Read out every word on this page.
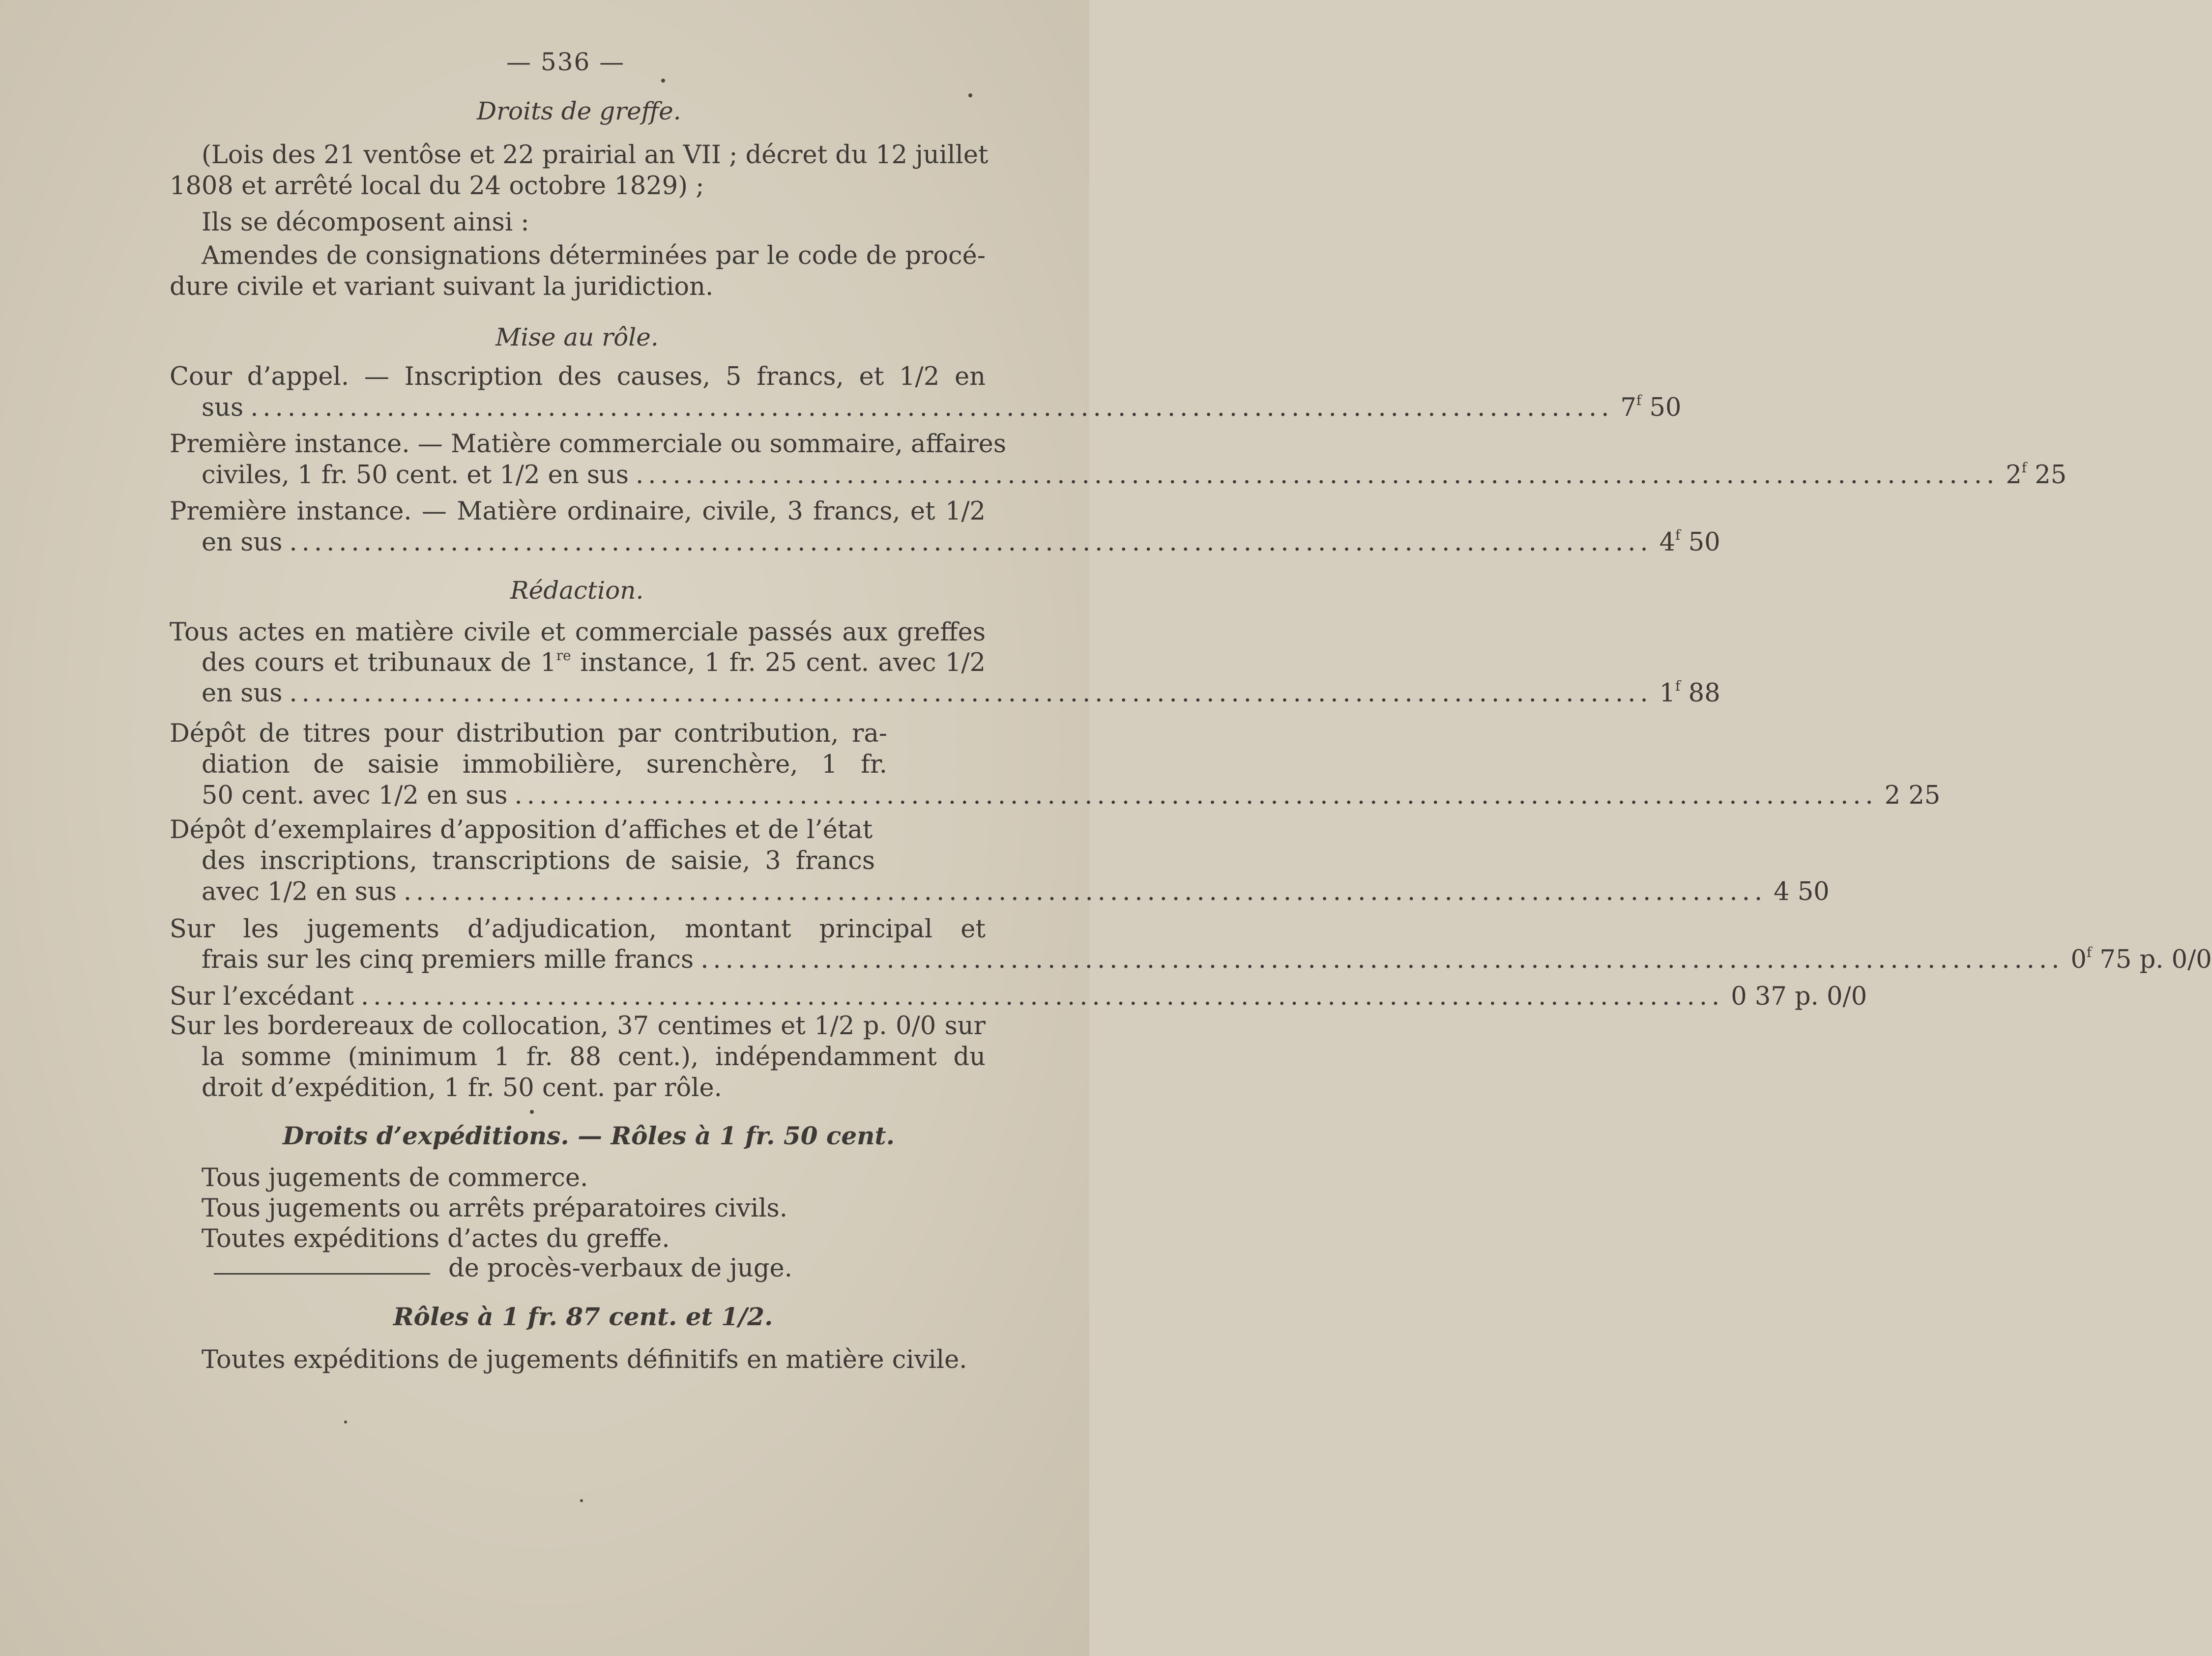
— 536 —
Droits de greffe.
(Lois des 21 ventôse et 22 prairial an VII ; décret du 12 juillet
1808 et arrêté local du 24 octobre 1829) ;
Ils se décomposent ainsi :
Amendes de consignations déterminées par le code de procé-
dure civile et variant suivant la juridiction.
Mise au rôle.
Cour d’appel. — Inscription des causes, 5 francs, et 1/2 en
sus .............................................................................................................. 7$^f$ 50
Première instance. — Matière commerciale ou sommaire, affaires
civiles, 1 fr. 50 cent. et 1/2 en sus .............................................................................................................. 2$^f$ 25
Première instance. — Matière ordinaire, civile, 3 francs, et 1/2
en sus .............................................................................................................. 4$^f$ 50
Rédaction.
Tous actes en matière civile et commerciale passés aux greffes
des cours et tribunaux de 1re instance, 1 fr. 25 cent. avec 1/2
en sus .............................................................................................................. 1$^f$ 88
Dépôt de titres pour distribution par contribution, ra-
diation de saisie immobilière, surenchère, 1 fr.
50 cent. avec 1/2 en sus .............................................................................................................. 2 25
Dépôt d’exemplaires d’apposition d’affiches et de l’état
des inscriptions, transcriptions de saisie, 3 francs
avec 1/2 en sus .............................................................................................................. 4 50
Sur les jugements d’adjudication, montant principal et
frais sur les cinq premiers mille francs .............................................................................................................. 0$^f$ 75 p. 0/0
Sur l’excédant .............................................................................................................. 0 37 p. 0/0
Sur les bordereaux de collocation, 37 centimes et 1/2 p. 0/0 sur
la somme (minimum 1 fr. 88 cent.), indépendamment du
droit d’expédition, 1 fr. 50 cent. par rôle.
Droits d’expéditions. — Rôles à 1 fr. 50 cent.
Tous jugements de commerce.
Tous jugements ou arrêts préparatoires civils.
Toutes expéditions d’actes du greffe.
de procès-verbaux de juge.
Rôles à 1 fr. 87 cent. et 1/2.
Toutes expéditions de jugements définitifs en matière civile.
